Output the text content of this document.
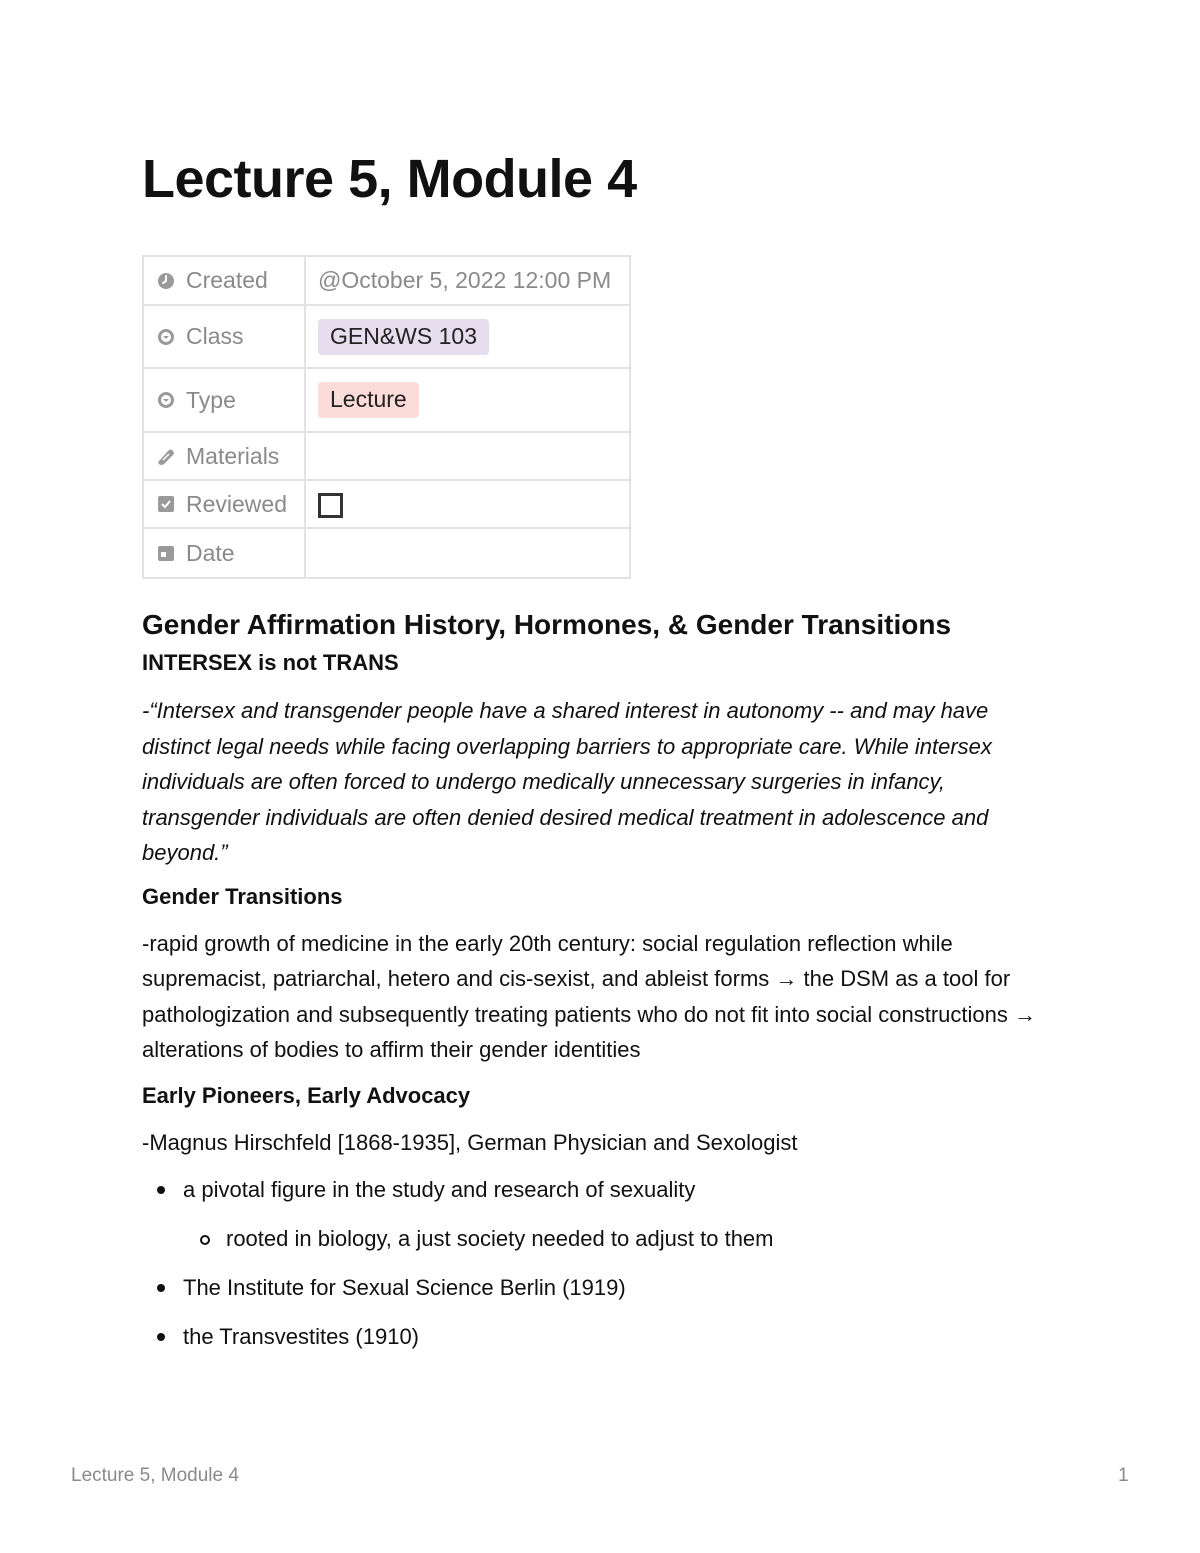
Lecture 5, Module 4
Created	@October 5, 2022 12:00 PM

Class	GEN&WS 103

Type	Lecture

Materials	

Reviewed	

Date	

Gender Affirmation History, Hormones, & Gender Transitions
INTERSEX is not TRANS

-“Intersex and transgender people have a shared interest in autonomy -- and may have distinct legal needs while facing overlapping barriers to appropriate care. While intersex individuals are often forced to undergo medically unnecessary surgeries in infancy, transgender individuals are often denied desired medical treatment in adolescence and beyond.”

Gender Transitions

-rapid growth of medicine in the early 20th century: social regulation reflection while supremacist, patriarchal, hetero and cis-sexist, and ableist forms → the DSM as a tool for pathologization and subsequently treating patients who do not fit into social constructions → alterations of bodies to affirm their gender identities

Early Pioneers, Early Advocacy

-Magnus Hirschfeld [1868-1935], German Physician and Sexologist

a pivotal figure in the study and research of sexuality
rooted in biology, a just society needed to adjust to them
The Institute for Sexual Science Berlin (1919)
the Transvestites (1910)
Lecture 5, Module 4	1
